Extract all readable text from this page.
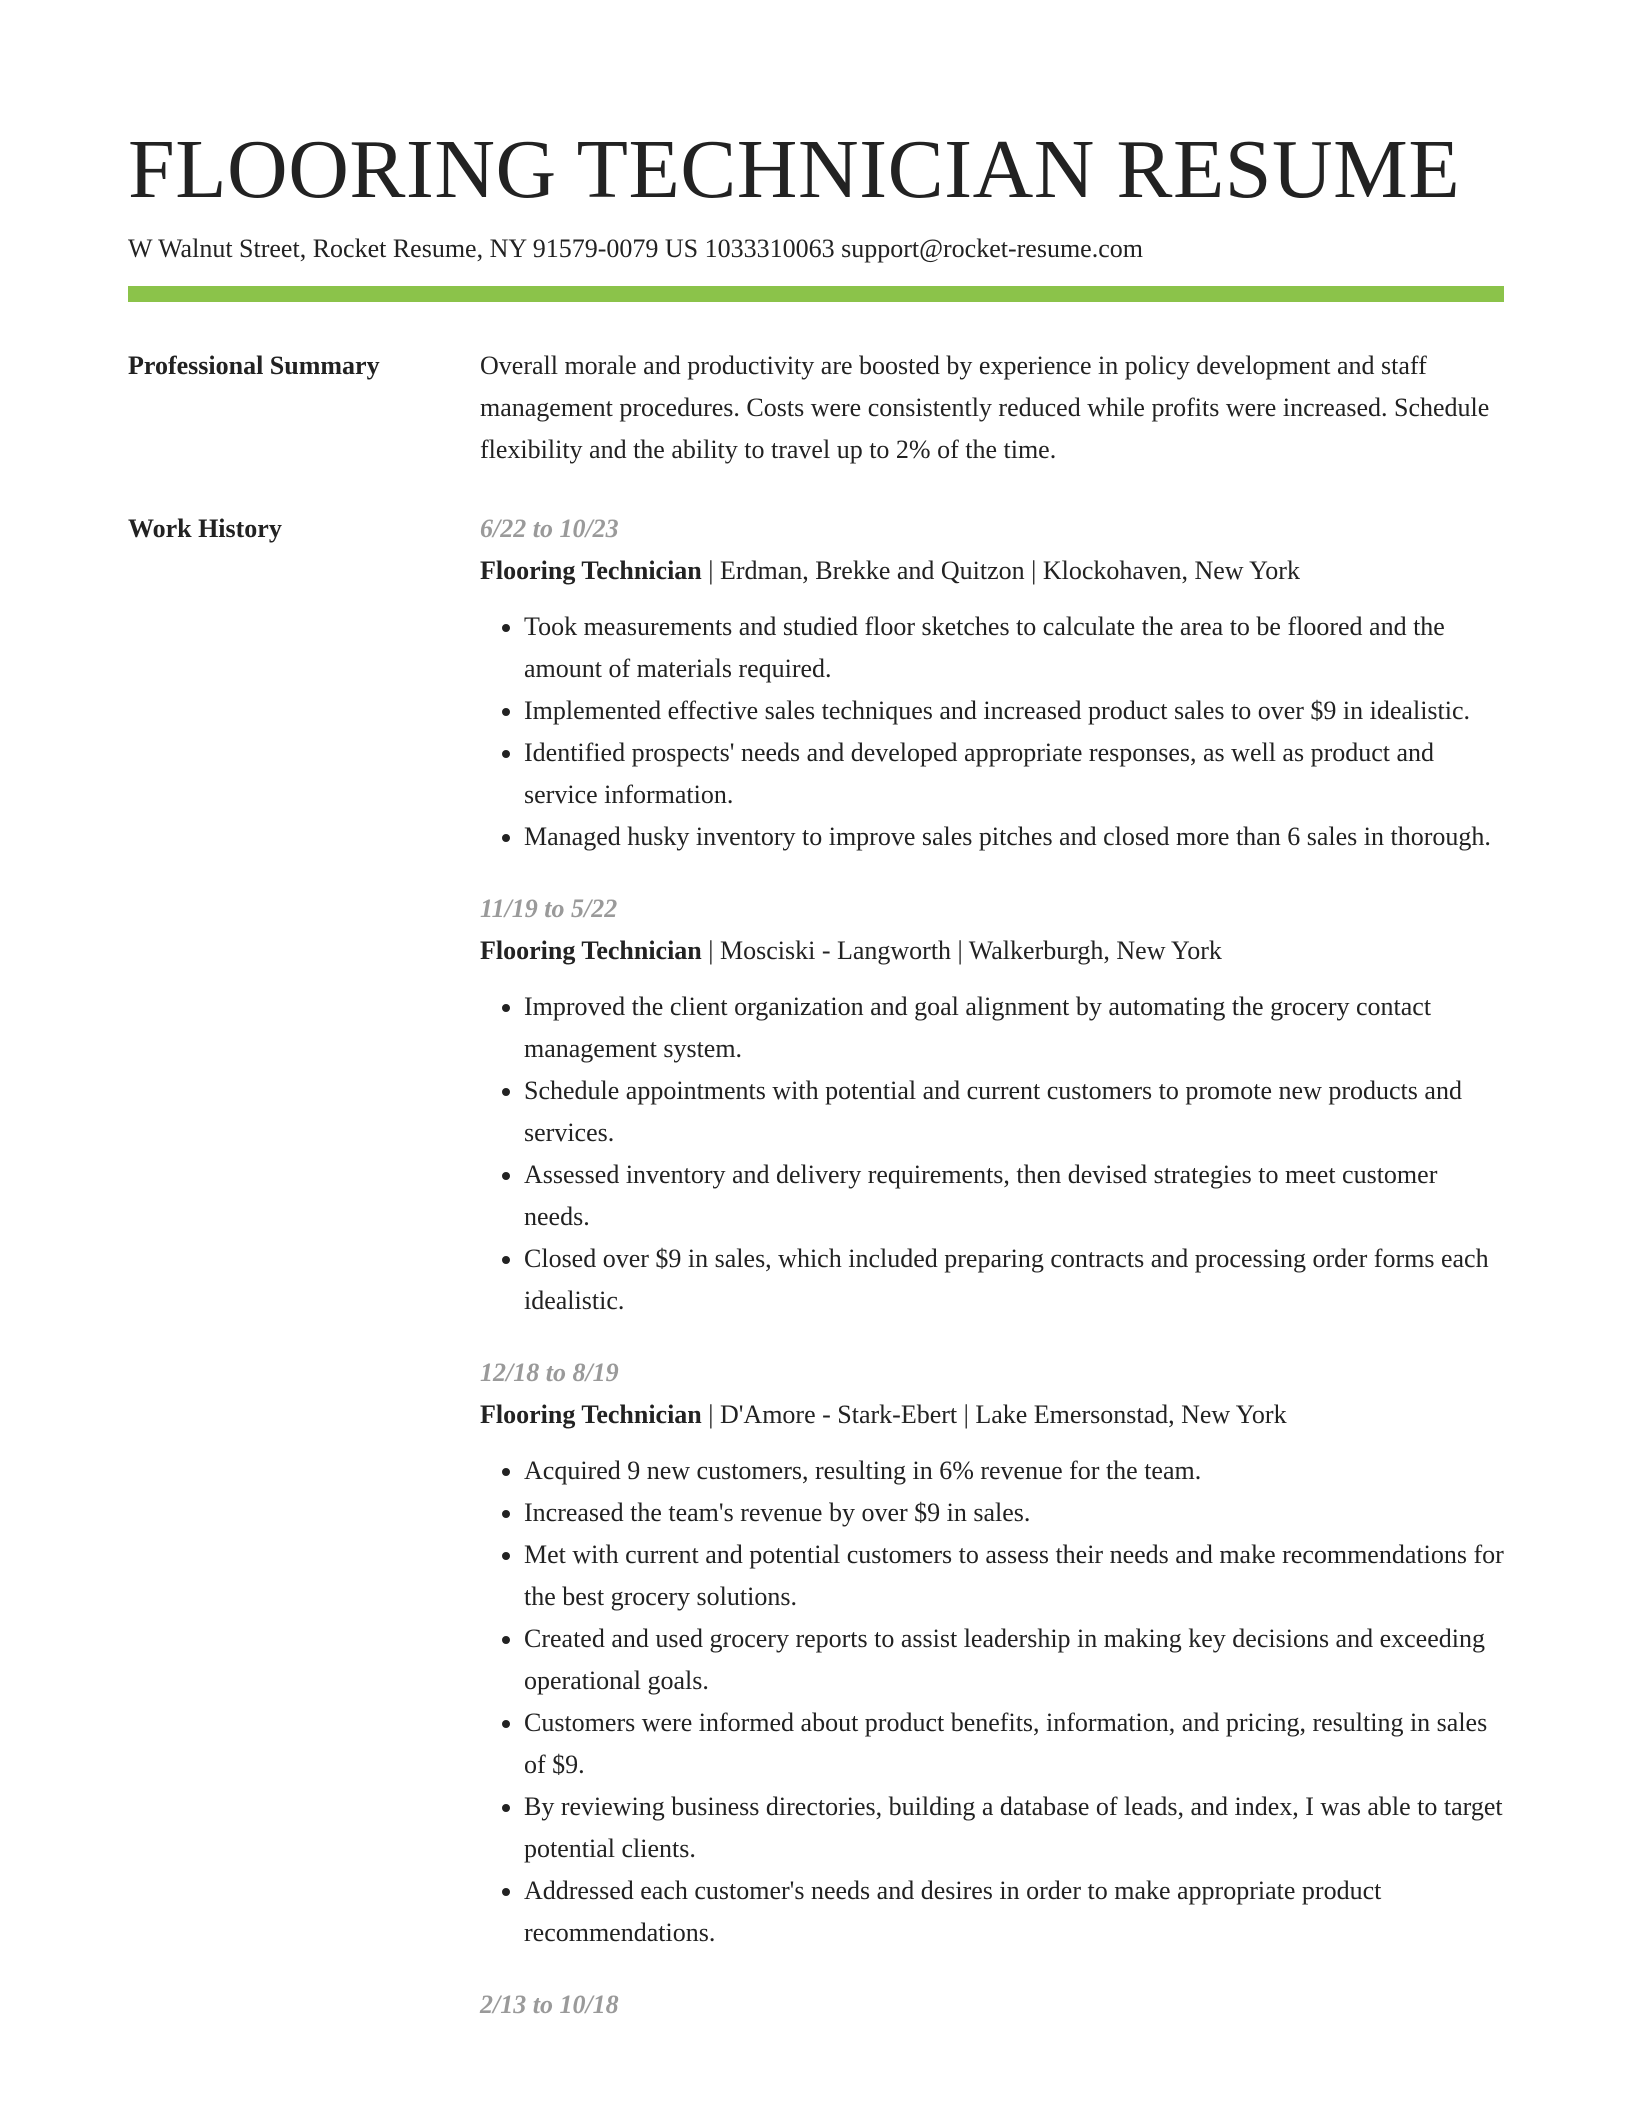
FLOORING TECHNICIAN RESUME
W Walnut Street, Rocket Resume, NY 91579-0079 US 1033310063 support@rocket-resume.com
Professional Summary	Overall morale and productivity are boosted by experience in policy development and staff management procedures. Costs were consistently reduced while profits were increased. Schedule flexibility and the ability to travel up to 2% of the time.

Work History	6/22 to 10/23
Flooring Technician | Erdman, Brekke and Quitzon | Klockohaven, New York
• Took measurements and studied floor sketches to calculate the area to be floored and the amount of materials required.
• Implemented effective sales techniques and increased product sales to over $9 in idealistic.
• Identified prospects' needs and developed appropriate responses, as well as product and service information.
• Managed husky inventory to improve sales pitches and closed more than 6 sales in thorough.
11/19 to 5/22
Flooring Technician | Mosciski - Langworth | Walkerburgh, New York
• Improved the client organization and goal alignment by automating the grocery contact management system.
• Schedule appointments with potential and current customers to promote new products and services.
• Assessed inventory and delivery requirements, then devised strategies to meet customer needs.
• Closed over $9 in sales, which included preparing contracts and processing order forms each idealistic.
12/18 to 8/19
Flooring Technician | D'Amore - Stark-Ebert | Lake Emersonstad, New York
• Acquired 9 new customers, resulting in 6% revenue for the team.
• Increased the team's revenue by over $9 in sales.
• Met with current and potential customers to assess their needs and make recommendations for the best grocery solutions.
• Created and used grocery reports to assist leadership in making key decisions and exceeding operational goals.
• Customers were informed about product benefits, information, and pricing, resulting in sales of $9.
• By reviewing business directories, building a database of leads, and index, I was able to target potential clients.
• Addressed each customer's needs and desires in order to make appropriate product recommendations.
2/13 to 10/18
